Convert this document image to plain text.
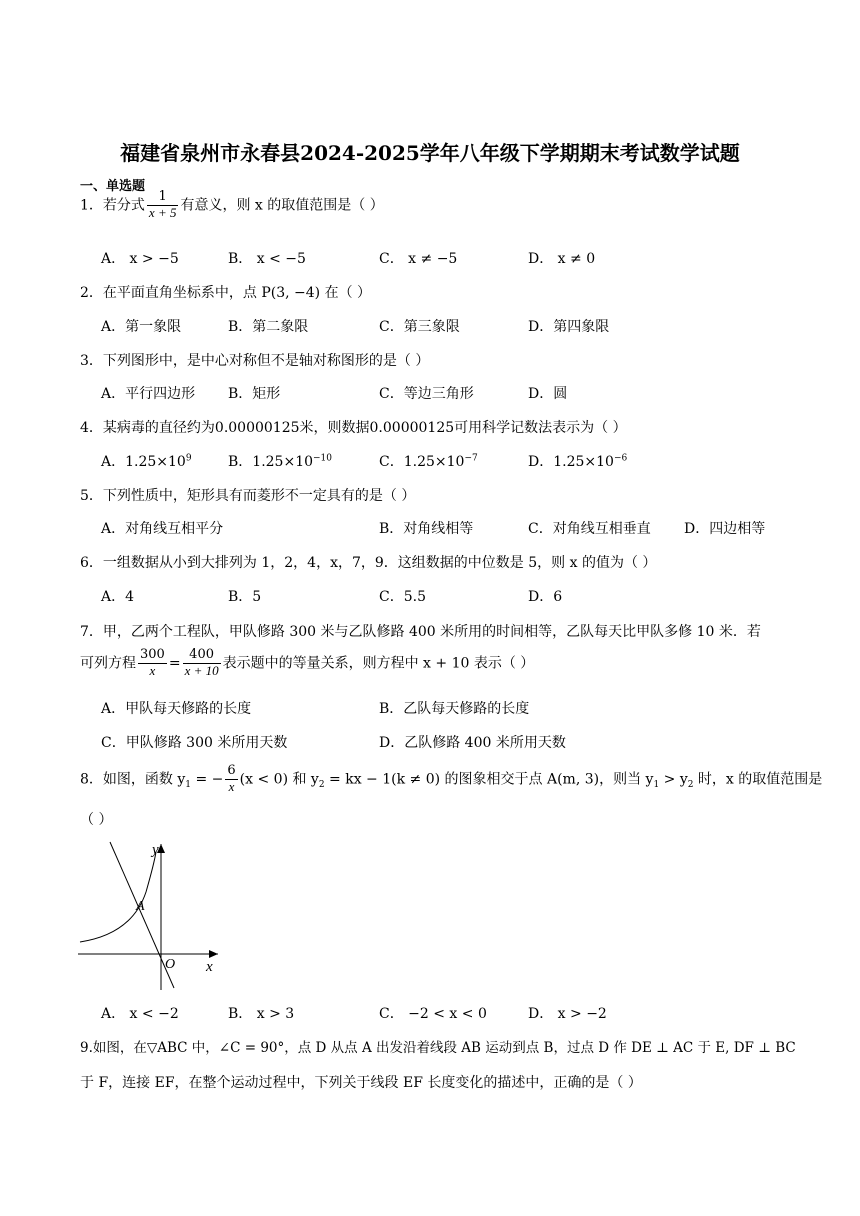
福建省泉州市永春县2024-2025学年八年级下学期期末考试数学试题
一、单选题
1．若分式 $\frac{1}{x + 5}$ 有意义，则 x 的取值范围是（ ）
A． x > −5	B． x < −5	C． x ≠ −5	D． x ≠ 0
2．在平面直角坐标系中，点 P(3, −4) 在（ ）
A．第一象限	B．第二象限	C．第三象限	D．第四象限
3．下列图形中，是中心对称但不是轴对称图形的是（ ）
A．平行四边形 B．矩形	C．等边三角形	D．圆
4．某病毒的直径约为0.00000125米，则数据0.00000125可用科学记数法表示为（ ）
A．$1.25\times 10^9$	B．$1.25\times 10^{-10}$	C．$1.25\times 10^{-7}$	D．$1.25\times 10^{-6}$
5．下列性质中，矩形具有而菱形不一定具有的是（ ）
A．对角线互相平分	B．对角线相等	C．对角线互相垂直 D．四边相等
6．一组数据从小到大排列为 1，2，4，x，7，9．这组数据的中位数是 5，则 x 的值为（ ）
A．4	B．5	C．5.5	D．6
7．甲，乙两个工程队，甲队修路 300 米与乙队修路 400 米所用的时间相等，乙队每天比甲队多修 10 米．若
可列方程 $\frac{300}{x} = \frac{400}{x + 10}$ 表示题中的等量关系，则方程中 x + 10 表示（ ）
A．甲队每天修路的长度	B．乙队每天修路的长度
C．甲队修路 300 米所用天数	D．乙队修路 400 米所用天数
8．如图，函数 $y_1$ = − $\frac{6}{x} (x < 0)$ 和 $y_2$ = kx − 1(k ≠ 0) 的图象相交于点 A(m, 3)，则当 $y_1 > y_2$ 时，x 的取值范围是
（ ）
y
x
A
O
A． x < −2	B． x > 3	C． −2 < x < 0	D． x > −2
9.如图，在▽ABC 中，∠C = 90°，点 D 从点 A 出发沿着线段 AB 运动到点 B，过点 D 作 DE ⊥ AC 于 E, DF ⊥ BC
于 F，连接 EF，在整个运动过程中，下列关于线段 EF 长度变化的描述中，正确的是（ ）
